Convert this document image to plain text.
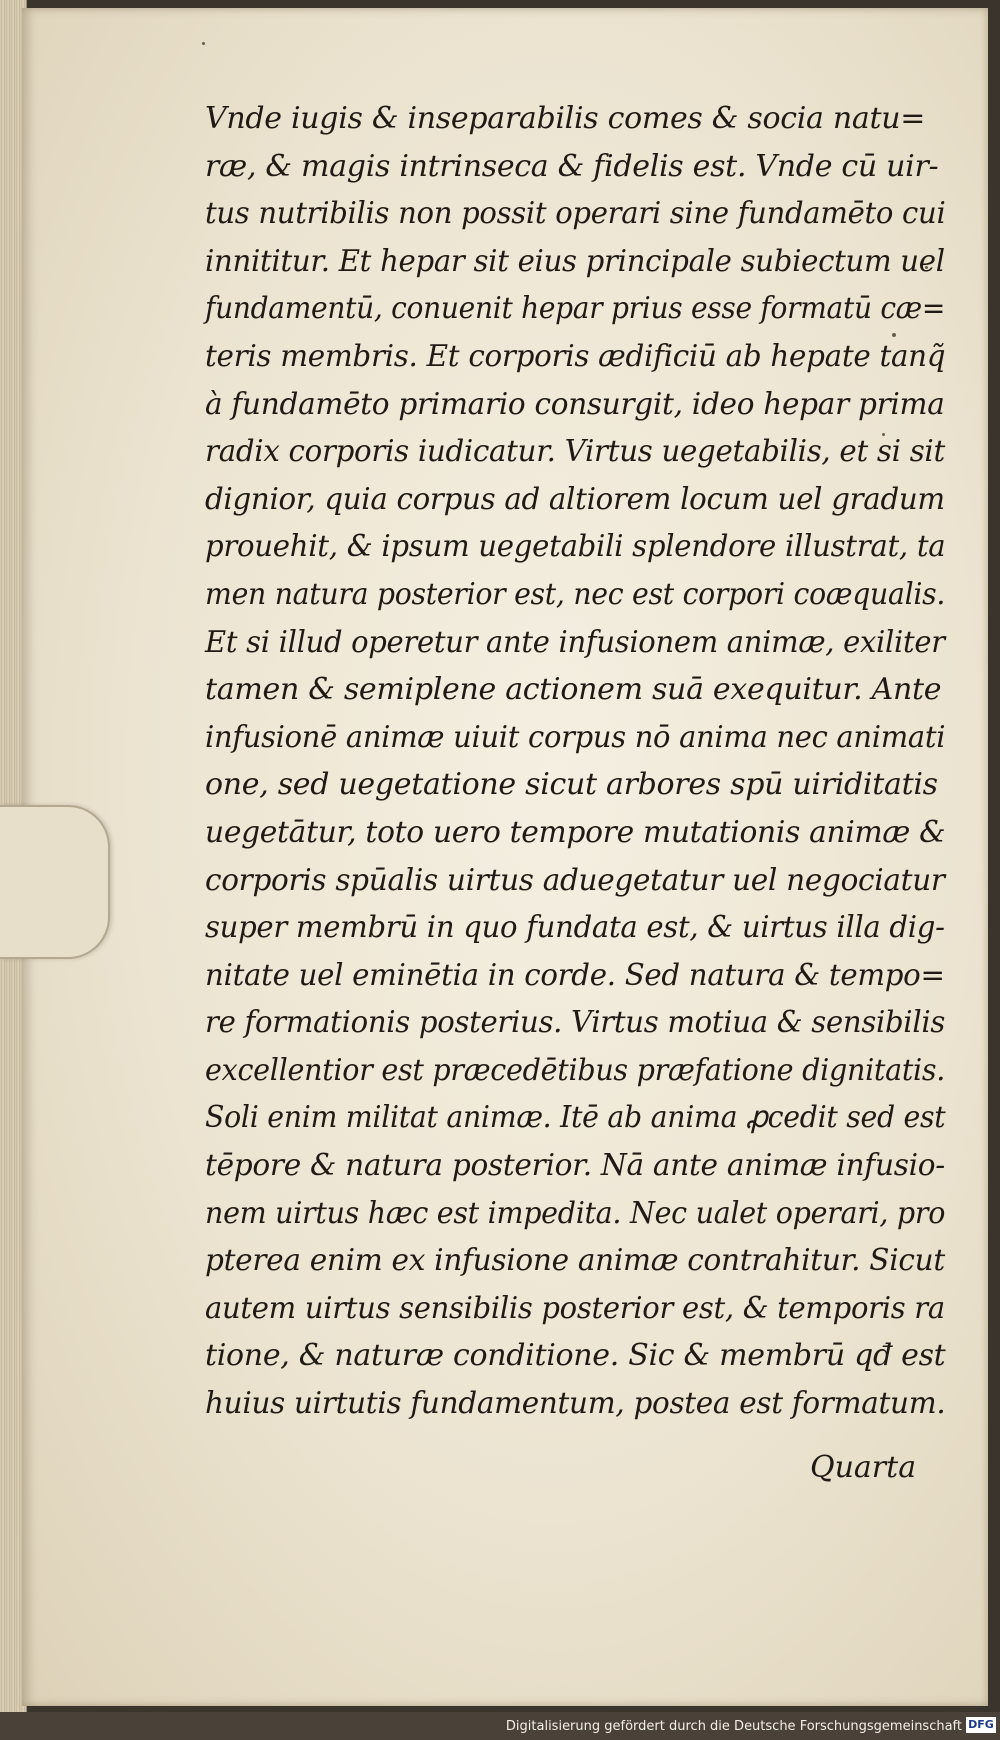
Vnde iugis & inseparabilis comes & socia natu=
ræ, & magis intrinseca & fidelis est. Vnde cū uir-
tus nutribilis non possit operari sine fundamēto cui
innititur. Et hepar sit eius principale subiectum uel
fundamentū, conuenit hepar prius esse formatū cæ=
teris membris. Et corporis ædificiū ab hepate tanq̃
à fundamēto primario consurgit, ideo hepar prima
radix corporis iudicatur. Virtus uegetabilis, et si sit
dignior, quia corpus ad altiorem locum uel gradum
prouehit, & ipsum uegetabili splendore illustrat, ta
men natura posterior est, nec est corpori coæqualis.
Et si illud operetur ante infusionem animæ, exiliter
tamen & semiplene actionem suā exequitur. Ante
infusionē animæ uiuit corpus nō anima nec animati
one, sed uegetatione sicut arbores spū uiriditatis
uegetātur, toto uero tempore mutationis animæ &
corporis spūalis uirtus aduegetatur uel negociatur
super membrū in quo fundata est, & uirtus illa dig-
nitate uel eminētia in corde. Sed natura & tempo=
re formationis posterius. Virtus motiua & sensibilis
excellentior est præcedētibus præfatione dignitatis.
Soli enim militat animæ. Itē ab anima ꝓcedit sed est
tēpore & natura posterior. Nā ante animæ infusio-
nem uirtus hæc est impedita. Nec ualet operari, pro
pterea enim ex infusione animæ contrahitur. Sicut
autem uirtus sensibilis posterior est, & temporis ra
tione, & naturæ conditione. Sic & membrū qđ est
huius uirtutis fundamentum, postea est formatum.
Quarta
Digitalisierung gefördert durch die Deutsche Forschungsgemeinschaft DFG
